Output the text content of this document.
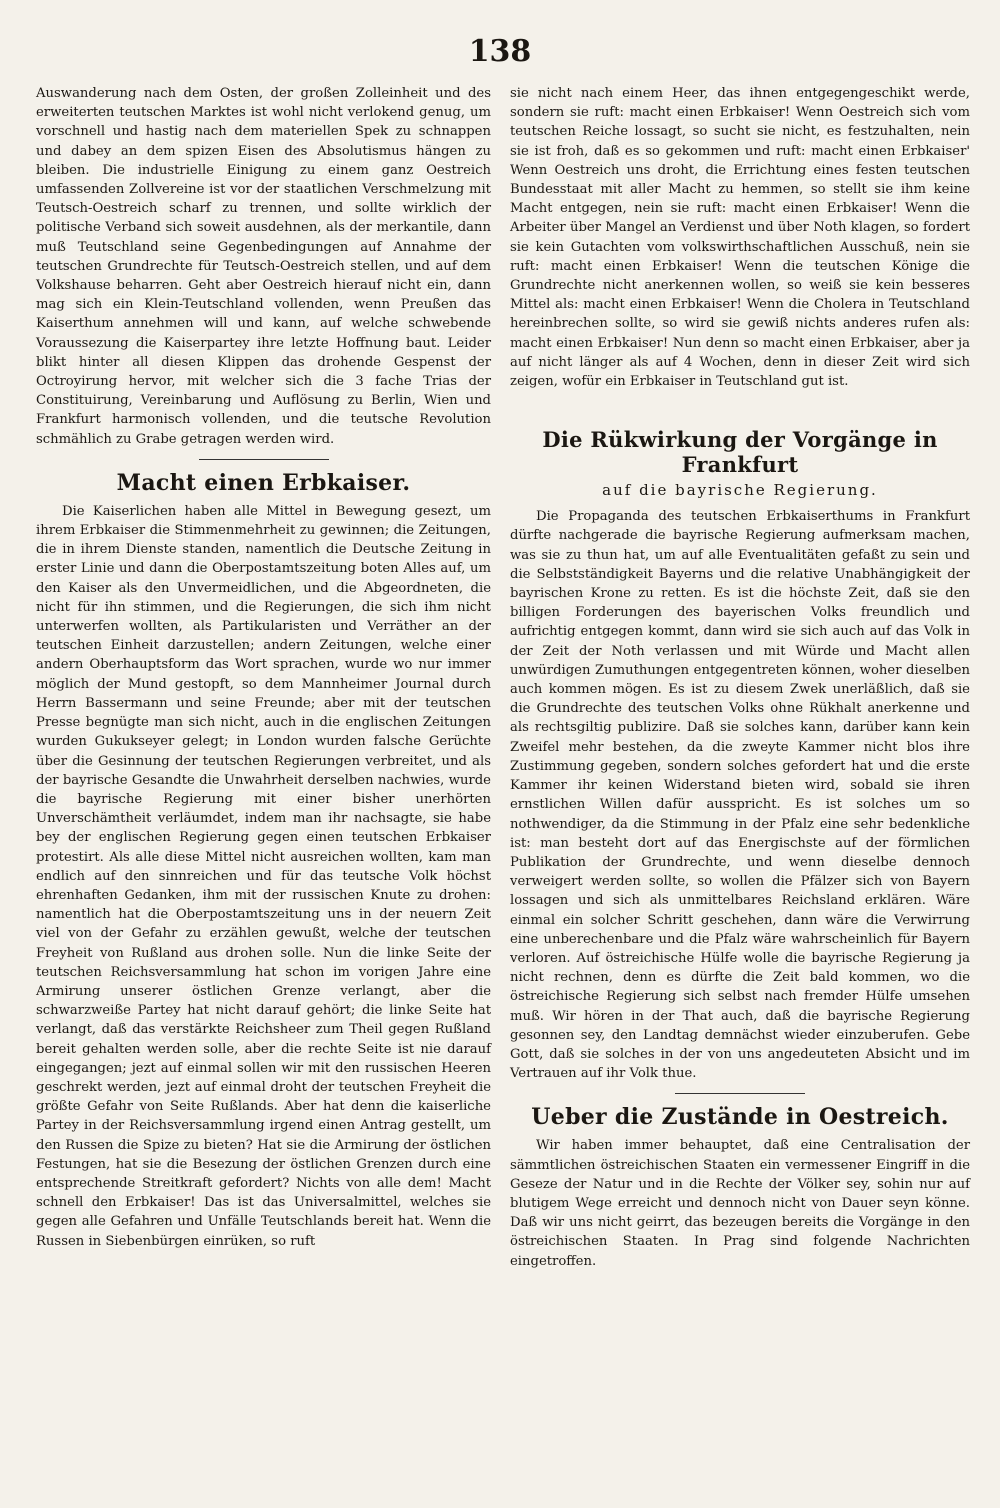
138

Auswanderung nach dem Osten, der großen Zolleinheit und des erweiterten teutschen Marktes ist wohl nicht verlokend genug, um vorschnell und hastig nach dem materiellen Spek zu schnappen und dabey an dem spizen Eisen des Absolutismus hängen zu bleiben. Die industrielle Einigung zu einem ganz Oestreich umfassenden Zollvereine ist vor der staatlichen Verschmelzung mit Teutsch-Oestreich scharf zu trennen, und sollte wirklich der politische Verband sich soweit ausdehnen, als der merkantile, dann muß Teutschland seine Gegenbedingungen auf Annahme der teutschen Grundrechte für Teutsch-Oestreich stellen, und auf dem Volkshause beharren. Geht aber Oestreich hierauf nicht ein, dann mag sich ein Klein-Teutschland vollenden, wenn Preußen das Kaiserthum annehmen will und kann, auf welche schwebende Voraussezung die Kaiserpartey ihre letzte Hoffnung baut. Leider blikt hinter all diesen Klippen das drohende Gespenst der Octroyirung hervor, mit welcher sich die 3 fache Trias der Constituirung, Vereinbarung und Auflösung zu Berlin, Wien und Frankfurt harmonisch vollenden, und die teutsche Revolution schmählich zu Grabe getragen werden wird.

Macht einen Erbkaiser.

Die Kaiserlichen haben alle Mittel in Bewegung gesezt, um ihrem Erbkaiser die Stimmenmehrheit zu gewinnen; die Zeitungen, die in ihrem Dienste standen, namentlich die Deutsche Zeitung in erster Linie und dann die Oberpostamtszeitung boten Alles auf, um den Kaiser als den Unvermeidlichen, und die Abgeordneten, die nicht für ihn stimmen, und die Regierungen, die sich ihm nicht unterwerfen wollten, als Partikularisten und Verräther an der teutschen Einheit darzustellen; andern Zeitungen, welche einer andern Oberhauptsform das Wort sprachen, wurde wo nur immer möglich der Mund gestopft, so dem Mannheimer Journal durch Herrn Bassermann und seine Freunde; aber mit der teutschen Presse begnügte man sich nicht, auch in die englischen Zeitungen wurden Gukukseyer gelegt; in London wurden falsche Gerüchte über die Gesinnung der teutschen Regierungen verbreitet, und als der bayrische Gesandte die Unwahrheit derselben nachwies, wurde die bayrische Regierung mit einer bisher unerhörten Unverschämtheit verläumdet, indem man ihr nachsagte, sie habe bey der englischen Regierung gegen einen teutschen Erbkaiser protestirt. Als alle diese Mittel nicht ausreichen wollten, kam man endlich auf den sinnreichen und für das teutsche Volk höchst ehrenhaften Gedanken, ihm mit der russischen Knute zu drohen: namentlich hat die Oberpostamtszeitung uns in der neuern Zeit viel von der Gefahr zu erzählen gewußt, welche der teutschen Freyheit von Rußland aus drohen solle. Nun die linke Seite der teutschen Reichsversammlung hat schon im vorigen Jahre eine Armirung unserer östlichen Grenze verlangt, aber die schwarzweiße Partey hat nicht darauf gehört; die linke Seite hat verlangt, daß das verstärkte Reichsheer zum Theil gegen Rußland bereit gehalten werden solle, aber die rechte Seite ist nie darauf eingegangen; jezt auf einmal sollen wir mit den russischen Heeren geschrekt werden, jezt auf einmal droht der teutschen Freyheit die größte Gefahr von Seite Rußlands. Aber hat denn die kaiserliche Partey in der Reichsversammlung irgend einen Antrag gestellt, um den Russen die Spize zu bieten? Hat sie die Armirung der östlichen Festungen, hat sie die Besezung der östlichen Grenzen durch eine entsprechende Streitkraft gefordert? Nichts von alle dem! Macht schnell den Erbkaiser! Das ist das Universalmittel, welches sie gegen alle Gefahren und Unfälle Teutschlands bereit hat. Wenn die Russen in Siebenbürgen einrüken, so ruft

sie nicht nach einem Heer, das ihnen entgegengeschikt werde, sondern sie ruft: macht einen Erbkaiser! Wenn Oestreich sich vom teutschen Reiche lossagt, so sucht sie nicht, es festzuhalten, nein sie ist froh, daß es so gekommen und ruft: macht einen Erbkaiser' Wenn Oestreich uns droht, die Errichtung eines festen teutschen Bundesstaat mit aller Macht zu hemmen, so stellt sie ihm keine Macht entgegen, nein sie ruft: macht einen Erbkaiser! Wenn die Arbeiter über Mangel an Verdienst und über Noth klagen, so fordert sie kein Gutachten vom volkswirthschaftlichen Ausschuß, nein sie ruft: macht einen Erbkaiser! Wenn die teutschen Könige die Grundrechte nicht anerkennen wollen, so weiß sie kein besseres Mittel als: macht einen Erbkaiser! Wenn die Cholera in Teutschland hereinbrechen sollte, so wird sie gewiß nichts anderes rufen als: macht einen Erbkaiser! Nun denn so macht einen Erbkaiser, aber ja auf nicht länger als auf 4 Wochen, denn in dieser Zeit wird sich zeigen, wofür ein Erbkaiser in Teutschland gut ist.

Die Rükwirkung der Vorgänge in Frankfurt
auf die bayrische Regierung.

Die Propaganda des teutschen Erbkaiserthums in Frankfurt dürfte nachgerade die bayrische Regierung aufmerksam machen, was sie zu thun hat, um auf alle Eventualitäten gefaßt zu sein und die Selbstständigkeit Bayerns und die relative Unabhängigkeit der bayrischen Krone zu retten. Es ist die höchste Zeit, daß sie den billigen Forderungen des bayerischen Volks freundlich und aufrichtig entgegen kommt, dann wird sie sich auch auf das Volk in der Zeit der Noth verlassen und mit Würde und Macht allen unwürdigen Zumuthungen entgegentreten können, woher dieselben auch kommen mögen. Es ist zu diesem Zwek unerläßlich, daß sie die Grundrechte des teutschen Volks ohne Rükhalt anerkenne und als rechtsgiltig publizire. Daß sie solches kann, darüber kann kein Zweifel mehr bestehen, da die zweyte Kammer nicht blos ihre Zustimmung gegeben, sondern solches gefordert hat und die erste Kammer ihr keinen Widerstand bieten wird, sobald sie ihren ernstlichen Willen dafür ausspricht. Es ist solches um so nothwendiger, da die Stimmung in der Pfalz eine sehr bedenkliche ist: man besteht dort auf das Energischste auf der förmlichen Publikation der Grundrechte, und wenn dieselbe dennoch verweigert werden sollte, so wollen die Pfälzer sich von Bayern lossagen und sich als unmittelbares Reichsland erklären. Wäre einmal ein solcher Schritt geschehen, dann wäre die Verwirrung eine unberechenbare und die Pfalz wäre wahrscheinlich für Bayern verloren. Auf östreichische Hülfe wolle die bayrische Regierung ja nicht rechnen, denn es dürfte die Zeit bald kommen, wo die östreichische Regierung sich selbst nach fremder Hülfe umsehen muß. Wir hören in der That auch, daß die bayrische Regierung gesonnen sey, den Landtag demnächst wieder einzuberufen. Gebe Gott, daß sie solches in der von uns angedeuteten Absicht und im Vertrauen auf ihr Volk thue.

Ueber die Zustände in Oestreich.

Wir haben immer behauptet, daß eine Centralisation der sämmtlichen östreichischen Staaten ein vermessener Eingriff in die Geseze der Natur und in die Rechte der Völker sey, sohin nur auf blutigem Wege erreicht und dennoch nicht von Dauer seyn könne. Daß wir uns nicht geirrt, das bezeugen bereits die Vorgänge in den östreichischen Staaten. In Prag sind folgende Nachrichten eingetroffen.
